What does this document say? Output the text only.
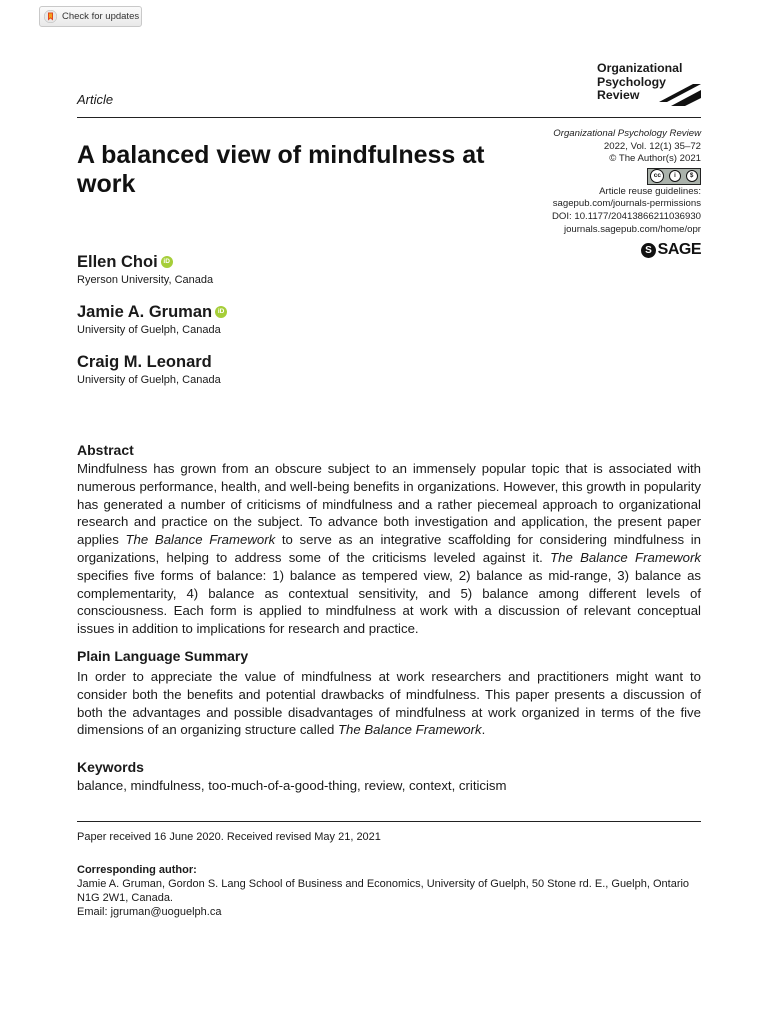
Check for updates
Organizational
Psychology
Review
Article
A balanced view of mindfulness at work
Organizational Psychology Review
2022, Vol. 12(1) 35–72
© The Author(s) 2021
cc	i	$
Article reuse guidelines:
sagepub.com/journals-permissions
DOI: 10.1177/20413866211036930
journals.sagepub.com/home/opr
S SAGE
Ellen Choi iD
Ryerson University, Canada
Jamie A. Gruman iD
University of Guelph, Canada
Craig M. Leonard
University of Guelph, Canada
Abstract

Mindfulness has grown from an obscure subject to an immensely popular topic that is associated with numerous performance, health, and well-being benefits in organizations. However, this growth in popularity has generated a number of criticisms of mindfulness and a rather piecemeal approach to organizational research and practice on the subject. To advance both investigation and application, the present paper applies The Balance Framework to serve as an integrative scaffolding for considering mindfulness in organizations, helping to address some of the criticisms leveled against it. The Balance Framework specifies five forms of balance: 1) balance as tempered view, 2) balance as mid-range, 3) balance as complementarity, 4) balance as contextual sensitivity, and 5) balance among different levels of consciousness. Each form is applied to mindfulness at work with a discussion of relevant conceptual issues in addition to implications for research and practice.

Plain Language Summary

In order to appreciate the value of mindfulness at work researchers and practitioners might want to consider both the benefits and potential drawbacks of mindfulness. This paper presents a discussion of both the advantages and possible disadvantages of mindfulness at work organized in terms of the five dimensions of an organizing structure called The Balance Framework.

Keywords

balance, mindfulness, too-much-of-a-good-thing, review, context, criticism

Paper received 16 June 2020. Received revised May 21, 2021
Corresponding author:
Jamie A. Gruman, Gordon S. Lang School of Business and Economics, University of Guelph, 50 Stone rd. E., Guelph, Ontario N1G 2W1, Canada.
Email: jgruman@uoguelph.ca
